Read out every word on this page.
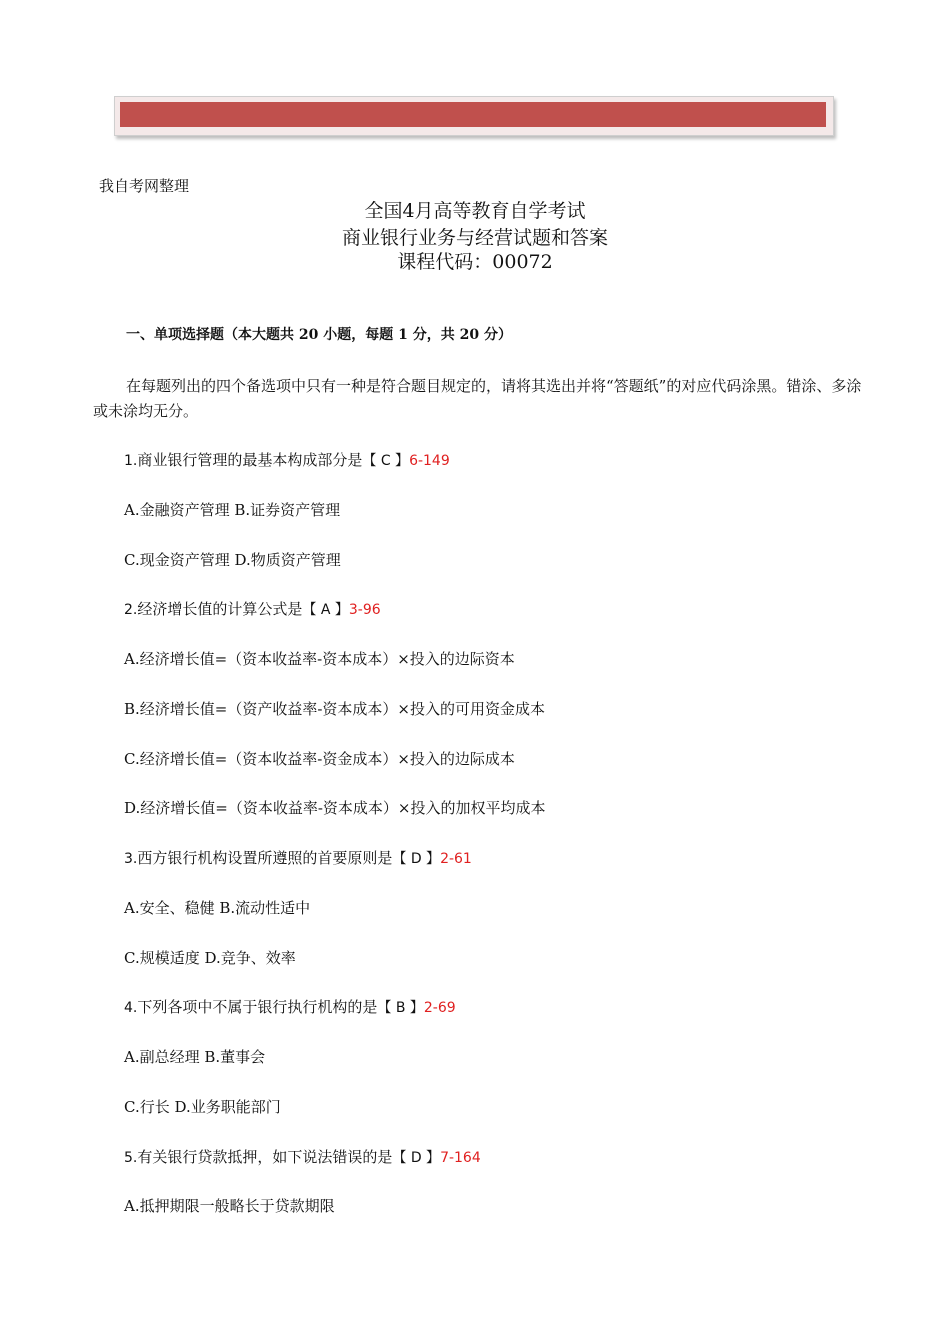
我自考网整理
全国4月高等教育自学考试
商业银行业务与经营试题和答案
课程代码：00072
一、单项选择题（本大题共 20 小题，每题 1 分，共 20 分）
在每题列出的四个备选项中只有一种是符合题目规定的，请将其选出并将“答题纸”的对应代码涂黑。错涂、多涂或未涂均无分。
1.商业银行管理的最基本构成部分是【 C 】6-149
A.金融资产管理 B.证券资产管理
C.现金资产管理 D.物质资产管理
2.经济增长值的计算公式是【 A 】3-96
A.经济增长值=（资本收益率-资本成本）×投入的边际资本
B.经济增长值=（资产收益率-资本成本）×投入的可用资金成本
C.经济增长值=（资本收益率-资金成本）×投入的边际成本
D.经济增长值=（资本收益率-资本成本）×投入的加权平均成本
3.西方银行机构设置所遵照的首要原则是【 D 】2-61
A.安全、稳健 B.流动性适中
C.规模适度 D.竞争、效率
4.下列各项中不属于银行执行机构的是【 B 】2-69
A.副总经理 B.董事会
C.行长 D.业务职能部门
5.有关银行贷款抵押，如下说法错误的是【 D 】7-164
A.抵押期限一般略长于贷款期限
